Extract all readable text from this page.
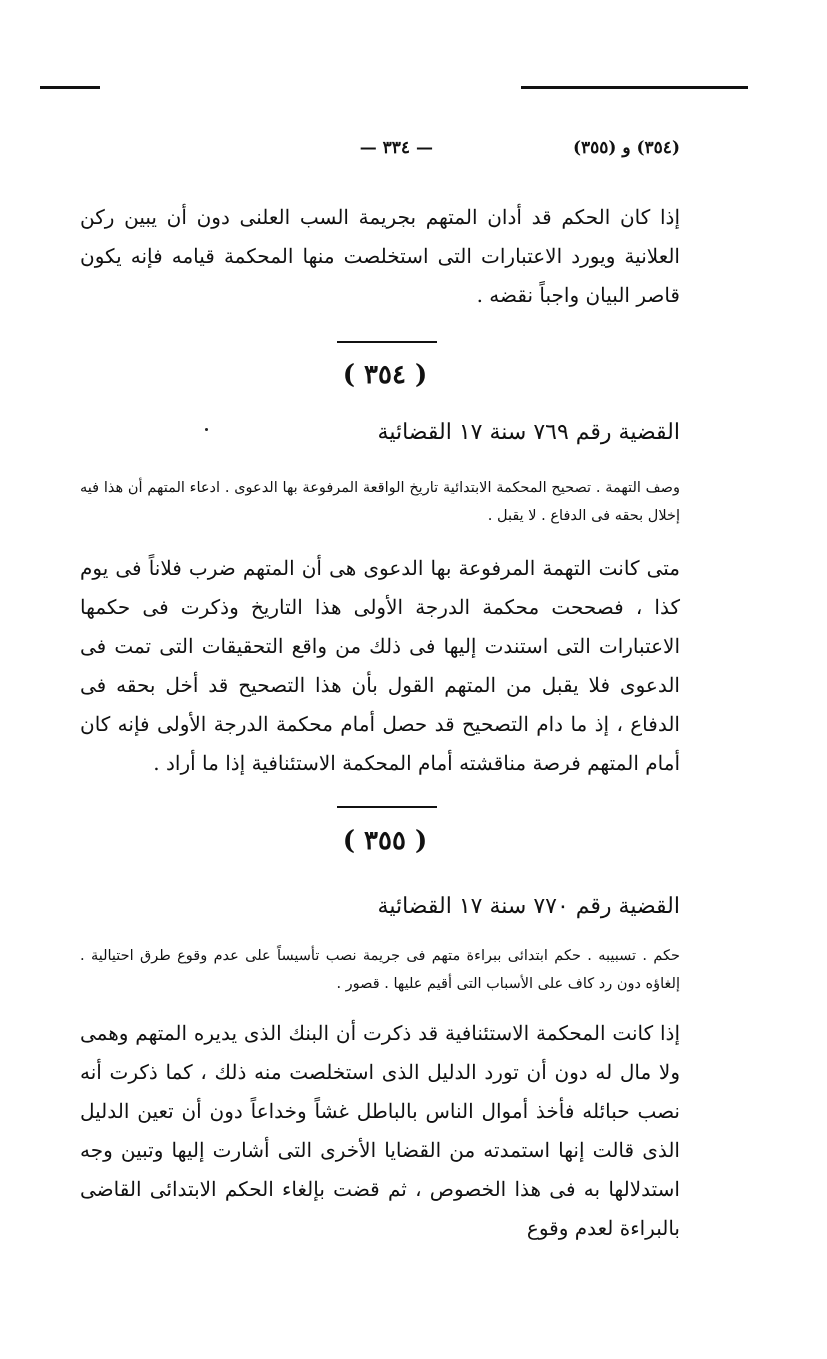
(٣٥٤) و (٣٥٥)
— ٣٣٤ —
إذا كان الحكم قد أدان المتهم بجريمة السب العلنى دون أن يبين ركن العلانية ويورد الاعتبارات التى استخلصت منها المحكمة قيامه فإنه يكون قاصر البيان واجباً نقضه .
( ٣٥٤ )
القضية رقم ٧٦٩ سنة ١٧ القضائية
وصف التهمة . تصحيح المحكمة الابتدائية تاريخ الواقعة المرفوعة بها الدعوى . ادعاء المتهم أن هذا فيه إخلال بحقه فى الدفاع . لا يقبل .
متى كانت التهمة المرفوعة بها الدعوى هى أن المتهم ضرب فلاناً فى يوم كذا ، فصححت محكمة الدرجة الأولى هذا التاريخ وذكرت فى حكمها الاعتبارات التى استندت إليها فى ذلك من واقع التحقيقات التى تمت فى الدعوى فلا يقبل من المتهم القول بأن هذا التصحيح قد أخل بحقه فى الدفاع ، إذ ما دام التصحيح قد حصل أمام محكمة الدرجة الأولى فإنه كان أمام المتهم فرصة مناقشته أمام المحكمة الاستئنافية إذا ما أراد .
( ٣٥٥ )
القضية رقم ٧٧٠ سنة ١٧ القضائية
حكم . تسبيبه . حكم ابتدائى ببراءة متهم فى جريمة نصب تأسيساً على عدم وقوع طرق احتيالية . إلغاؤه دون رد كاف على الأسباب التى أقيم عليها . قصور .
إذا كانت المحكمة الاستئنافية قد ذكرت أن البنك الذى يديره المتهم وهمى ولا مال له دون أن تورد الدليل الذى استخلصت منه ذلك ، كما ذكرت أنه نصب حبائله فأخذ أموال الناس بالباطل غشاً وخداعاً دون أن تعين الدليل الذى قالت إنها استمدته من القضايا الأخرى التى أشارت إليها وتبين وجه استدلالها به فى هذا الخصوص ، ثم قضت بإلغاء الحكم الابتدائى القاضى بالبراءة لعدم وقوع
